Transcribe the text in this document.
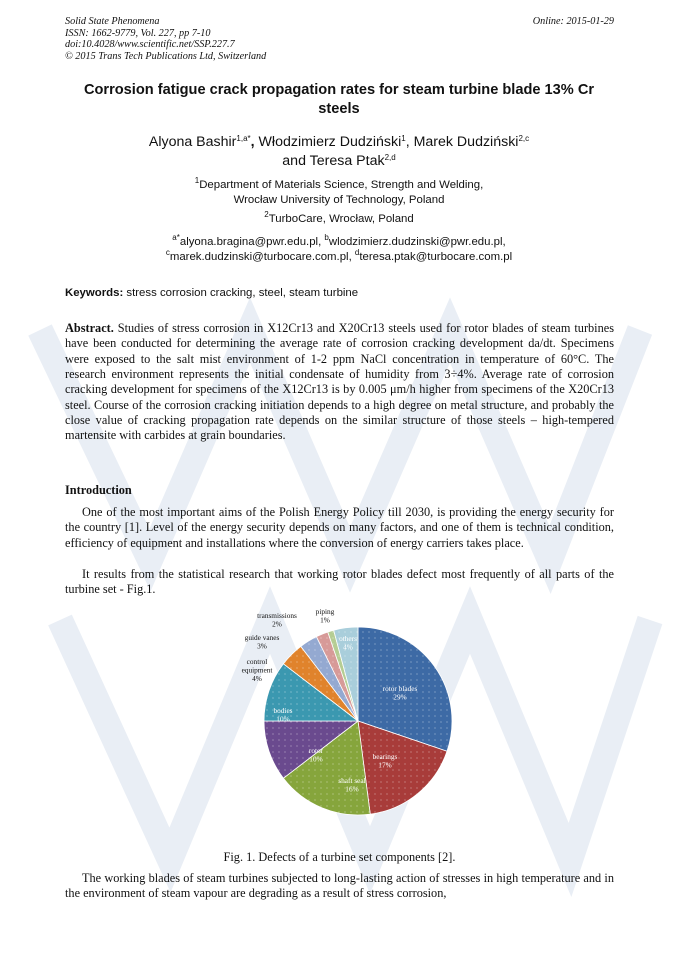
Solid State Phenomena
ISSN: 1662-9779, Vol. 227, pp 7-10
doi:10.4028/www.scientific.net/SSP.227.7
© 2015 Trans Tech Publications Ltd, Switzerland
Online: 2015-01-29
Corrosion fatigue crack propagation rates for steam turbine blade 13% Cr steels
Alyona Bashir$^{1,a*}$, Włodzimierz Dudziński$^1$, Marek Dudziński$^{2,c}$
and Teresa Ptak$^{2,d}$
$^1$Department of Materials Science, Strength and Welding,
Wrocław University of Technology, Poland
$^2$TurboCare, Wrocław, Poland
$^{a*}$alyona.bragina@pwr.edu.pl, $^b$wlodzimierz.dudzinski@pwr.edu.pl,
$^c$marek.dudzinski@turbocare.com.pl, $^d$teresa.ptak@turbocare.com.pl
Keywords: stress corrosion cracking, steel, steam turbine

Abstract. Studies of stress corrosion in X12Cr13 and X20Cr13 steels used for rotor blades of steam turbines have been conducted for determining the average rate of corrosion cracking development da/dt. Specimens were exposed to the salt mist environment of 1-2 ppm NaCl concentration in temperature of 60°C. The research environment represents the initial condensate of humidity from 3÷4%. Average rate of corrosion cracking development for specimens of the X12Cr13 is by 0.005 μm/h higher from specimens of the X20Cr13 steel. Course of the corrosion cracking initiation depends to a high degree on metal structure, and probably the close value of cracking propagation rate depends on the similar structure of those steels – high-tempered martensite with carbides at grain boundaries.

Introduction

One of the most important aims of the Polish Energy Policy till 2030, is providing the energy security for the country [1]. Level of the energy security depends on many factors, and one of them is technical condition, efficiency of equipment and installations where the conversion of energy carriers takes place.

It results from the statistical research that working rotor blades defect most frequently of all parts of the turbine set - Fig.1.

rotor blades 29%
bearings 17%
shaft seal 16%
rotor 10%
bodies 10%
control equipment 4%
guide vanes 3%
transmissions 2%
piping 1%
others 4%
Fig. 1. Defects of a turbine set components [2].

The working blades of steam turbines subjected to long-lasting action of stresses in high temperature and in the environment of steam vapour are degrading as a result of stress corrosion,
